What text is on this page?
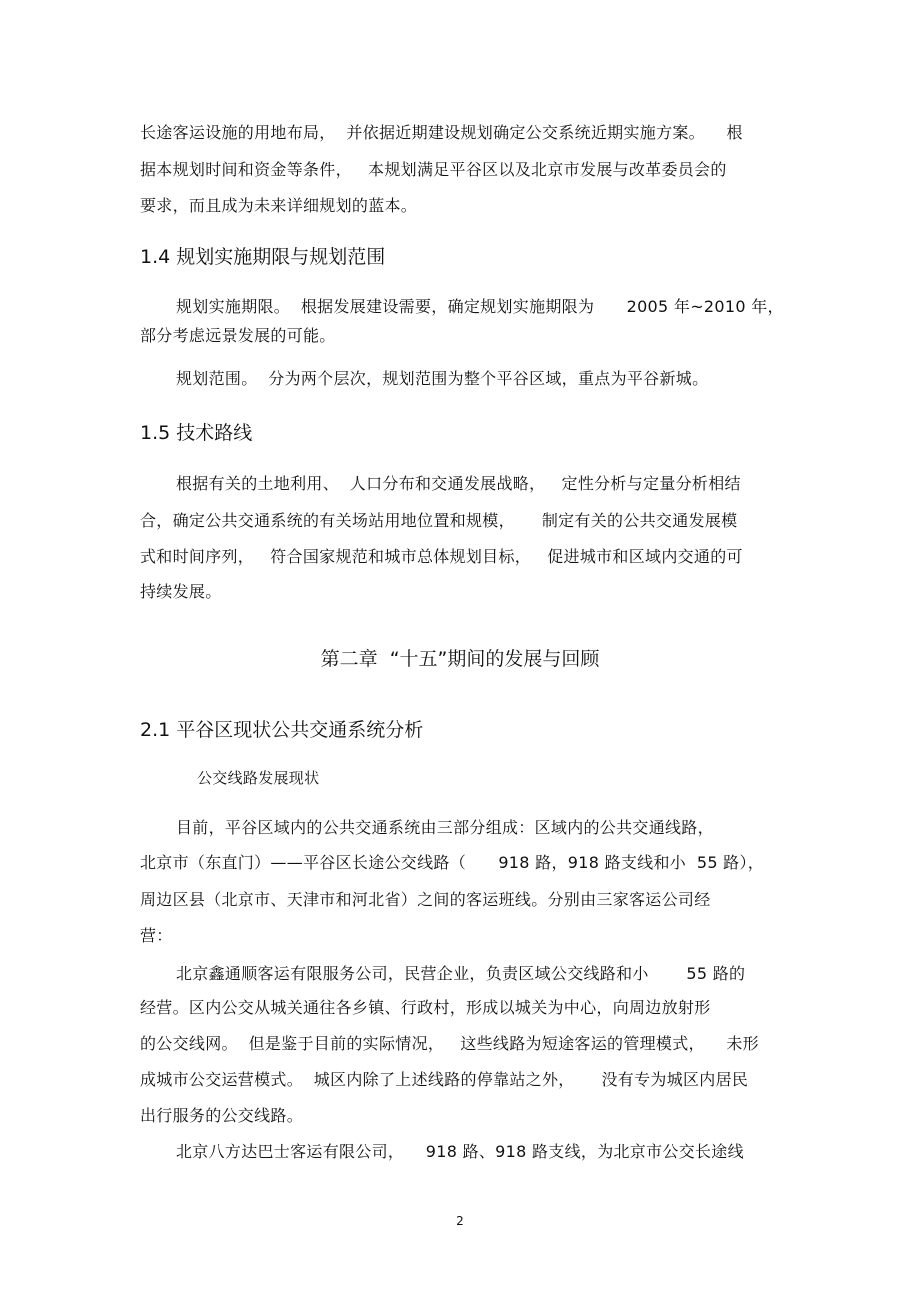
长途客运设施的用地布局，  并依据近期建设规划确定公交系统近期实施方案。    根
据本规划时间和资金等条件，   本规划满足平谷区以及北京市发展与改革委员会的
要求，而且成为未来详细规划的蓝本。
1.4 规划实施期限与规划范围
规划实施期限。  根据发展建设需要，确定规划实施期限为      2005 年~2010 年，
部分考虑远景发展的可能。
规划范围。  分为两个层次，规划范围为整个平谷区域，重点为平谷新城。
1.5 技术路线
根据有关的土地利用、  人口分布和交通发展战略，   定性分析与定量分析相结
合，确定公共交通系统的有关场站用地位置和规模，     制定有关的公共交通发展模
式和时间序列，   符合国家规范和城市总体规划目标，   促进城市和区域内交通的可
持续发展。
第二章  “十五”期间的发展与回顾
2.1 平谷区现状公共交通系统分析
公交线路发展现状
目前，平谷区域内的公共交通系统由三部分组成：区域内的公共交通线路，
北京市（东直门）——平谷区长途公交线路（      918 路，918 路支线和小  55 路），
周边区县（北京市、天津市和河北省）之间的客运班线。分别由三家客运公司经
营：
北京鑫通顺客运有限服务公司，民营企业，负责区域公交线路和小       55 路的
经营。区内公交从城关通往各乡镇、行政村，形成以城关为中心，向周边放射形
的公交线网。  但是鉴于目前的实际情况，   这些线路为短途客运的管理模式，    未形
成城市公交运营模式。  城区内除了上述线路的停靠站之外，     没有专为城区内居民
出行服务的公交线路。
北京八方达巴士客运有限公司，    918 路、918 路支线，为北京市公交长途线
2
